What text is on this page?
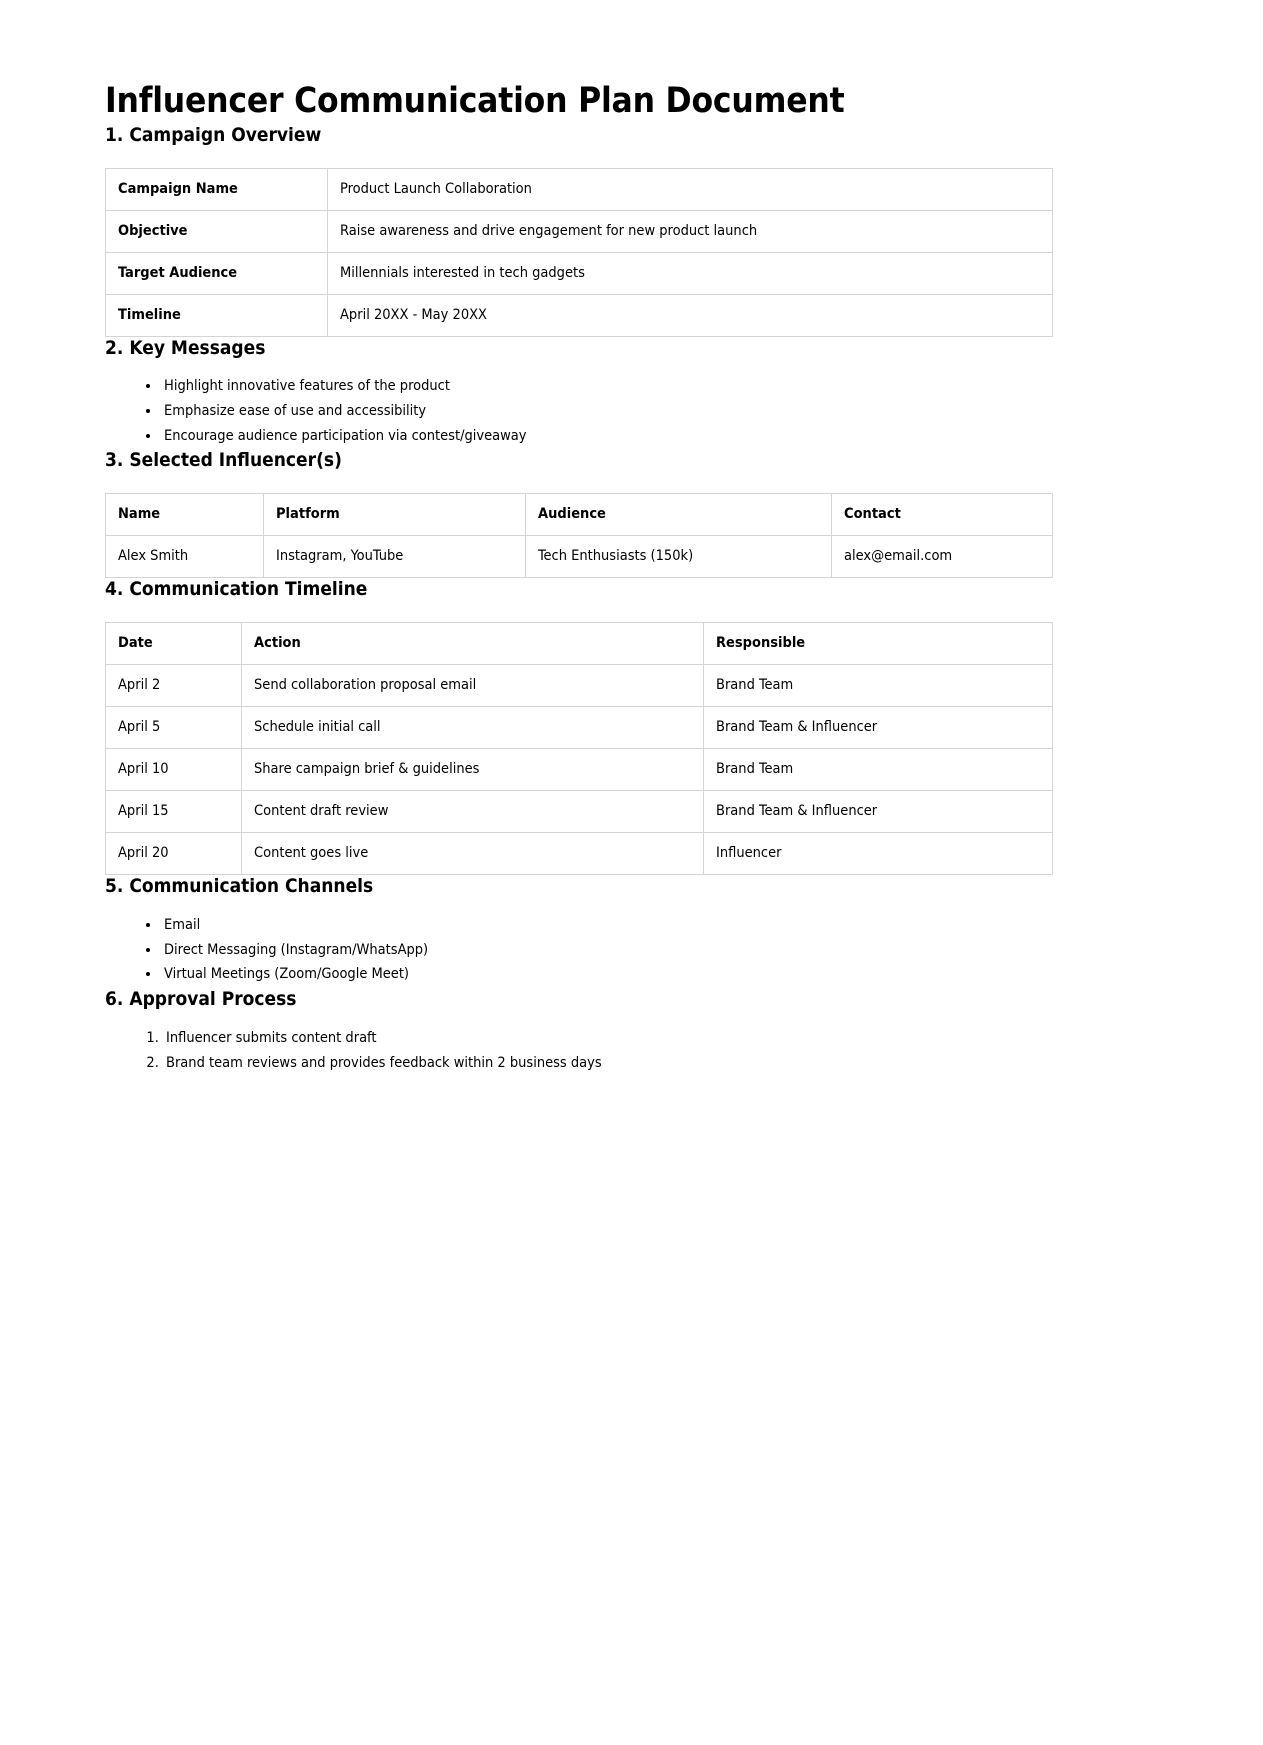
Influencer Communication Plan Document
1. Campaign Overview
Campaign Name	Product Launch Collaboration
Objective	Raise awareness and drive engagement for new product launch
Target Audience	Millennials interested in tech gadgets
Timeline	April 20XX - May 20XX
2. Key Messages
• Highlight innovative features of the product
• Emphasize ease of use and accessibility
• Encourage audience participation via contest/giveaway
3. Selected Influencer(s)
Name	Platform	Audience	Contact
Alex Smith	Instagram, YouTube	Tech Enthusiasts (150k)	alex@email.com
4. Communication Timeline
Date	Action	Responsible
April 2	Send collaboration proposal email	Brand Team
April 5	Schedule initial call	Brand Team & Influencer
April 10	Share campaign brief & guidelines	Brand Team
April 15	Content draft review	Brand Team & Influencer
April 20	Content goes live	Influencer
5. Communication Channels
• Email
• Direct Messaging (Instagram/WhatsApp)
• Virtual Meetings (Zoom/Google Meet)
6. Approval Process
1. Influencer submits content draft
2. Brand team reviews and provides feedback within 2 business days
